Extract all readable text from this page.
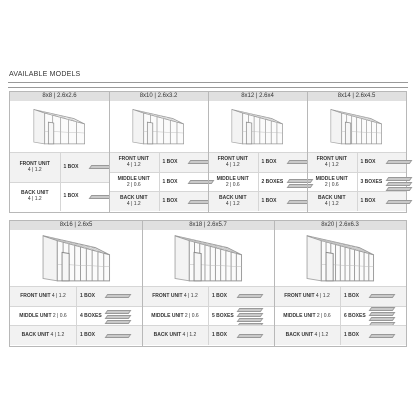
AVAILABLE MODELS
8x8 | 2.6x2.6
FRONT UNIT
4 | 1.2	1 BOX
BACK UNIT
4 | 1.2	1 BOX
8x10 | 2.6x3.2
FRONT UNIT
4 | 1.2	1 BOX
MIDDLE UNIT
2 | 0.6	1 BOX
BACK UNIT
4 | 1.2	1 BOX
8x12 | 2.6x4
FRONT UNIT
4 | 1.2	1 BOX
MIDDLE UNIT
2 | 0.6	2 BOXES
BACK UNIT
4 | 1.2	1 BOX
8x14 | 2.6x4.5
FRONT UNIT
4 | 1.2	1 BOX
MIDDLE UNIT
2 | 0.6	3 BOXES
BACK UNIT
4 | 1.2	1 BOX
8x16 | 2.6x5
FRONT UNIT 4 | 1.2	1 BOX
MIDDLE UNIT 2 | 0.6	4 BOXES
BACK UNIT 4 | 1.2	1 BOX
8x18 | 2.6x5.7
FRONT UNIT 4 | 1.2	1 BOX
MIDDLE UNIT 2 | 0.6	5 BOXES
BACK UNIT 4 | 1.2	1 BOX
8x20 | 2.6x6.3
FRONT UNIT 4 | 1.2	1 BOX
MIDDLE UNIT 2 | 0.6	6 BOXES
BACK UNIT 4 | 1.2	1 BOX
